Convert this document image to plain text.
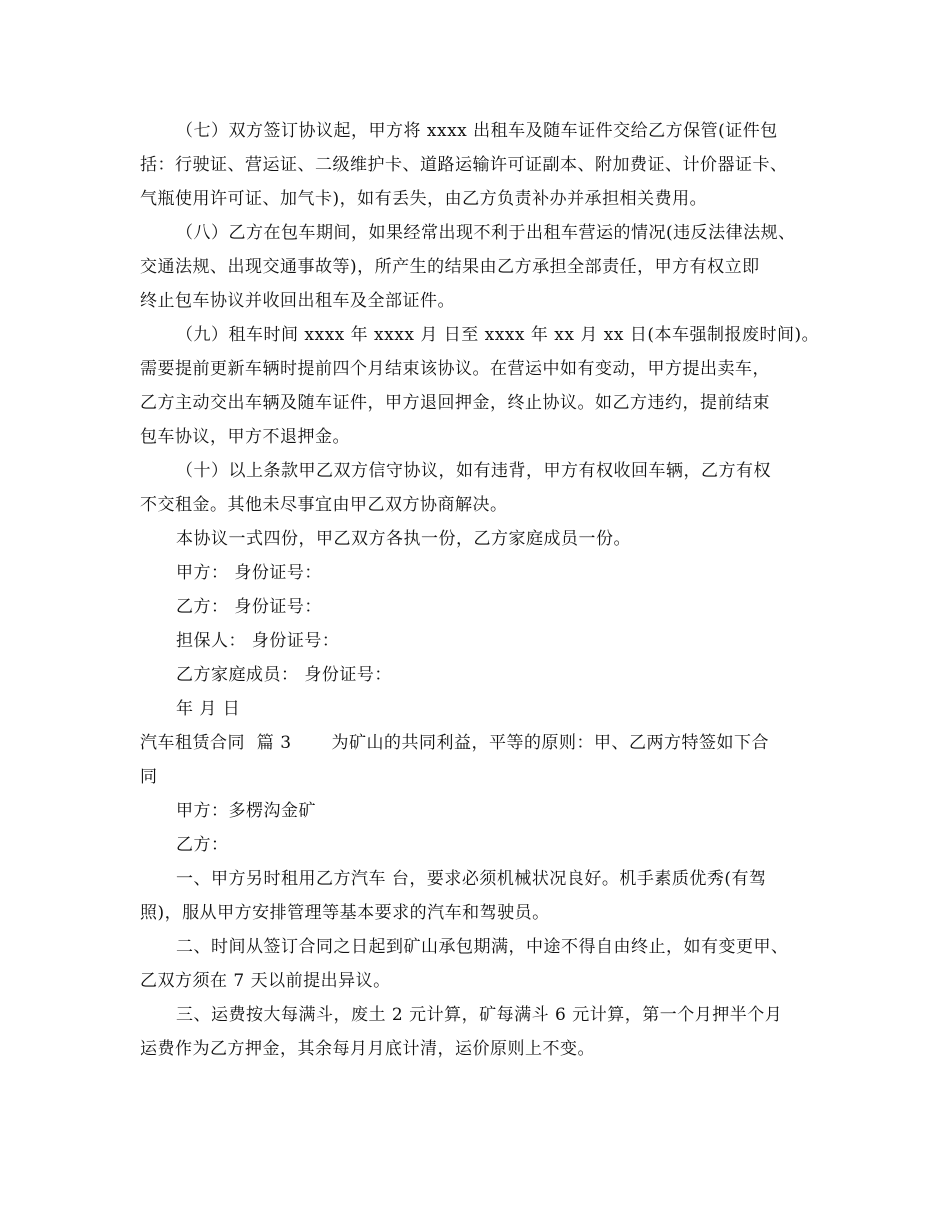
（七）双方签订协议起，甲方将 xxxx 出租车及随车证件交给乙方保管(证件包
括：行驶证、营运证、二级维护卡、道路运输许可证副本、附加费证、计价器证卡、
气瓶使用许可证、加气卡)，如有丢失，由乙方负责补办并承担相关费用。
（八）乙方在包车期间，如果经常出现不利于出租车营运的情况(违反法律法规、
交通法规、出现交通事故等)，所产生的结果由乙方承担全部责任，甲方有权立即
终止包车协议并收回出租车及全部证件。
（九）租车时间 xxxx 年 xxxx 月 日至 xxxx 年 xx 月 xx 日(本车强制报废时间)。
需要提前更新车辆时提前四个月结束该协议。在营运中如有变动，甲方提出卖车，
乙方主动交出车辆及随车证件，甲方退回押金，终止协议。如乙方违约，提前结束
包车协议，甲方不退押金。
（十）以上条款甲乙双方信守协议，如有违背，甲方有权收回车辆，乙方有权
不交租金。其他未尽事宜由甲乙双方协商解决。
本协议一式四份，甲乙双方各执一份，乙方家庭成员一份。
甲方： 身份证号：
乙方： 身份证号：
担保人： 身份证号：
乙方家庭成员： 身份证号：
年 月 日
汽车租赁合同  篇 3 为矿山的共同利益，平等的原则：甲、乙两方特签如下合
同
甲方：多楞沟金矿
乙方：
一、甲方另时租用乙方汽车 台，要求必须机械状况良好。机手素质优秀(有驾
照)，服从甲方安排管理等基本要求的汽车和驾驶员。
二、时间从签订合同之日起到矿山承包期满，中途不得自由终止，如有变更甲、
乙双方须在 7 天以前提出异议。
三、运费按大每满斗，废土 2 元计算，矿每满斗 6 元计算，第一个月押半个月
运费作为乙方押金，其余每月月底计清，运价原则上不变。
